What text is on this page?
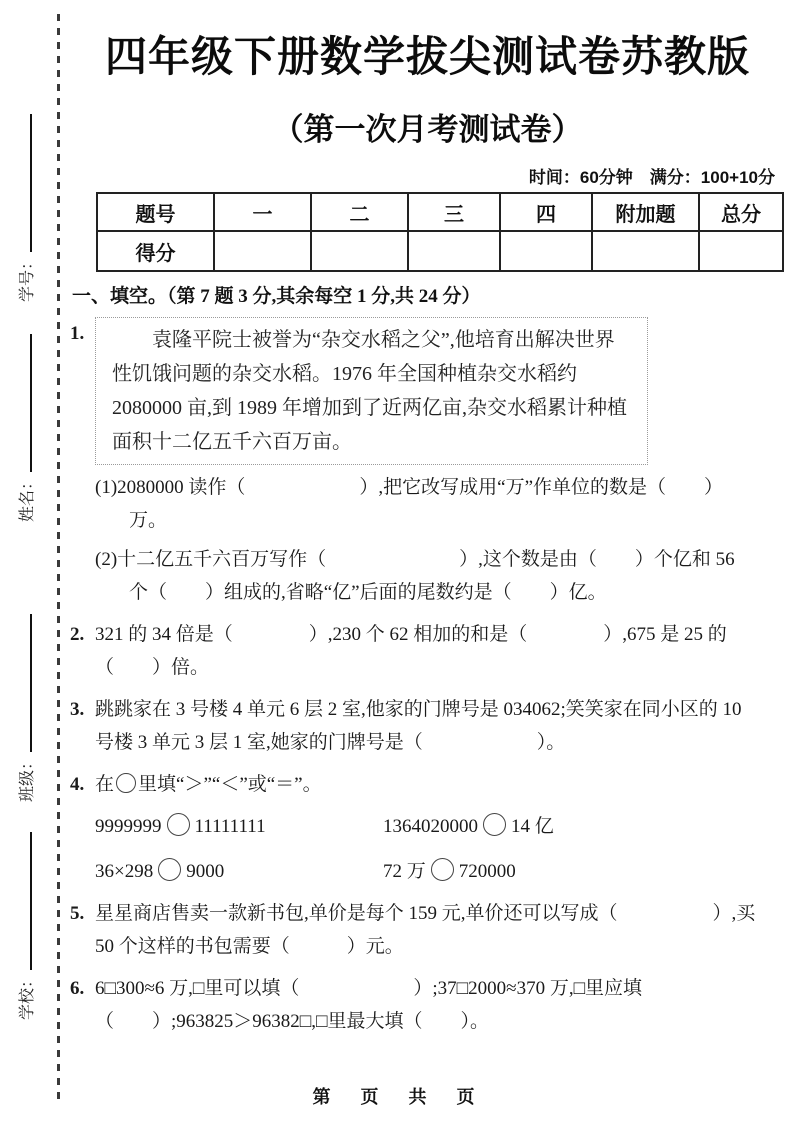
学号：
姓名：
班级：
学校：
四年级下册数学拔尖测试卷苏教版
（第一次月考测试卷）
时间：60分钟　满分：100+10分
题号	一	二	三	四	附加题	总分
得分						
一、填空。（第 7 题 3 分,其余每空 1 分,共 24 分）
1.	袁隆平院士被誉为“杂交水稻之父”,他培育出解决世界性饥饿问题的杂交水稻。1976 年全国种植杂交水稻约 2080000 亩,到 1989 年增加到了近两亿亩,杂交水稻累计种植面积十二亿五千六百万亩。
(1)2080000 读作（　　　　　　）,把它改写成用“万”作单位的数是（　　）万。
(2)十二亿五千六百万写作（　　　　　　　）,这个数是由（　　）个亿和 56 个（　　）组成的,省略“亿”后面的尾数约是（　　）亿。
2. 321 的 34 倍是（　　　　）,230 个 62 相加的和是（　　　　）,675 是 25 的（　　）倍。
3. 跳跳家在 3 号楼 4 单元 6 层 2 室,他家的门牌号是 034062;笑笑家在同小区的 10 号楼 3 单元 3 层 1 室,她家的门牌号是（　　　　　　）。
4. 在 里填“＞”“＜”或“＝”。
9999999 11111111	1364020000 14 亿
36×298 9000	72 万 720000
5. 星星商店售卖一款新书包,单价是每个 159 元,单价还可以写成（　　　　　）,买 50 个这样的书包需要（　　　）元。
6. 6□300≈6 万,□里可以填（　　　　　　）;37□2000≈370 万,□里应填（　　）;963825＞96382□,□里最大填（　　）。
第　页　共　页
